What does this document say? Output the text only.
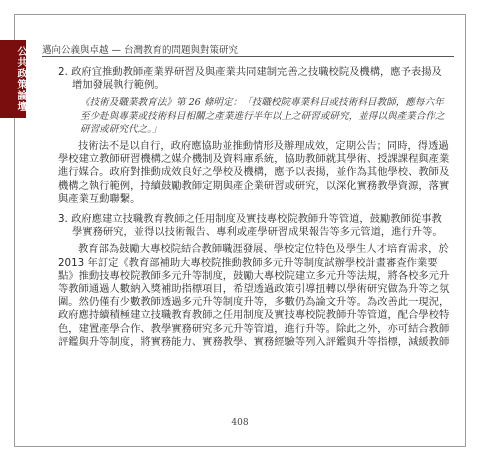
公共政策論壇 邁向公義與卓越 — 台灣教育的問題與對策研究

2. 政府宜推動教師產業界研習及與產業共同建制完善之技職校院及機構，應予表揚及增加發展執行範例。

《技術及職業教育法》第 26 條明定：「技職校院專業科目或技術科目教師，應每六年至少赴與專業或技術科目相關之產業進行半年以上之研習或研究，並得以與產業合作之研習或研究代之。」

技術法不是以自行，政府應協助並推動情形及辦理成效，定期公告；同時，得透過學校建立教師研習機構之媒介機制及資料庫系統，協助教師就其學術、授課課程與產業進行媒合。政府對推動成效良好之學校及機構，應予以表揚，並作為其他學校、教師及機構之執行範例，持續鼓勵教師定期與產企業研習或研究，以深化實務教學資源，落實與產業互動聯繫。

3. 政府應建立技職教育教師之任用制度及實技專校院教師升等管道，鼓勵教師從事教學實務研究，並得以技術報告、專利或產學研習成果報告等多元管道，進行升等。

教育部為鼓勵大專校院結合教師職涯發展、學校定位特色及學生人才培育需求，於 2013 年訂定《教育部補助大專校院推動教師多元升等制度試辦學校計畫審查作業要點》推動技專校院教師多元升等制度，鼓勵大專校院建立多元升等法規，將各校多元升等教師通過人數納入獎補助指標項目，希望透過政策引導扭轉以學術研究做為升等之氛圍。然仍僅有少數教師透過多元升等制度升等，多數仍為論文升等。為改善此一現況，政府應持續積極建立技職教育教師之任用制度及實技專校院教師升等管道，配合學校特色，建置產學合作、教學實務研究多元升等管道，進行升等。除此之外，亦可結合教師評鑑與升等制度，將實務能力、實務教學、實務經驗等列入評鑑與升等指標，減緩教師

408
